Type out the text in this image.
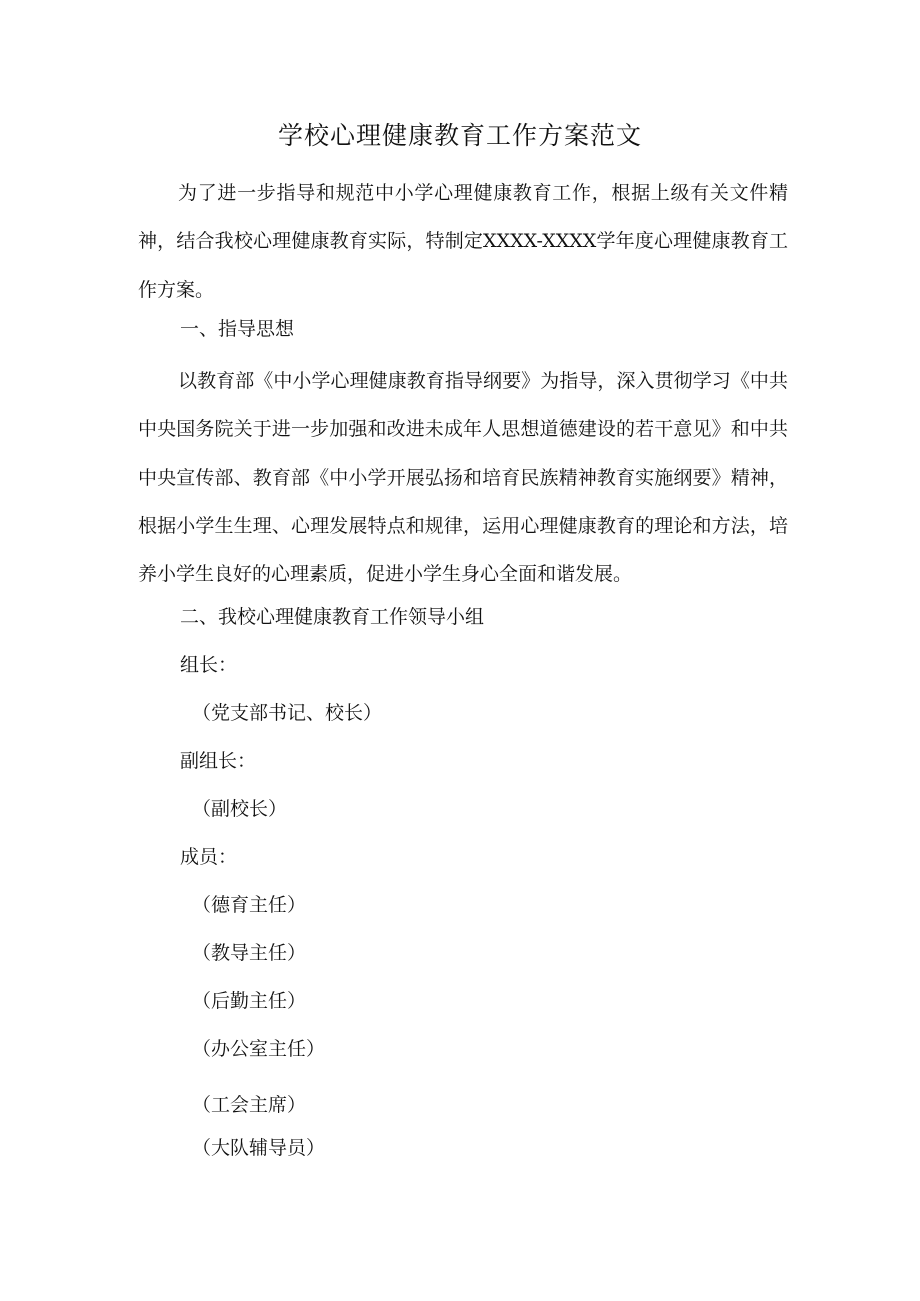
学校心理健康教育工作方案范文

为了进一步指导和规范中小学心理健康教育工作，根据上级有关文件精神，结合我校心理健康教育实际，特制定XXXX-XXXX学年度心理健康教育工作方案。

一、指导思想

以教育部《中小学心理健康教育指导纲要》为指导，深入贯彻学习《中共中央国务院关于进一步加强和改进未成年人思想道德建设的若干意见》和中共中央宣传部、教育部《中小学开展弘扬和培育民族精神教育实施纲要》精神，根据小学生生理、心理发展特点和规律，运用心理健康教育的理论和方法，培养小学生良好的心理素质，促进小学生身心全面和谐发展。

二、我校心理健康教育工作领导小组

组长：

（党支部书记、校长）

副组长：

（副校长）

成员：

（德育主任）

（教导主任）

（后勤主任）

（办公室主任）

（工会主席）

（大队辅导员）
